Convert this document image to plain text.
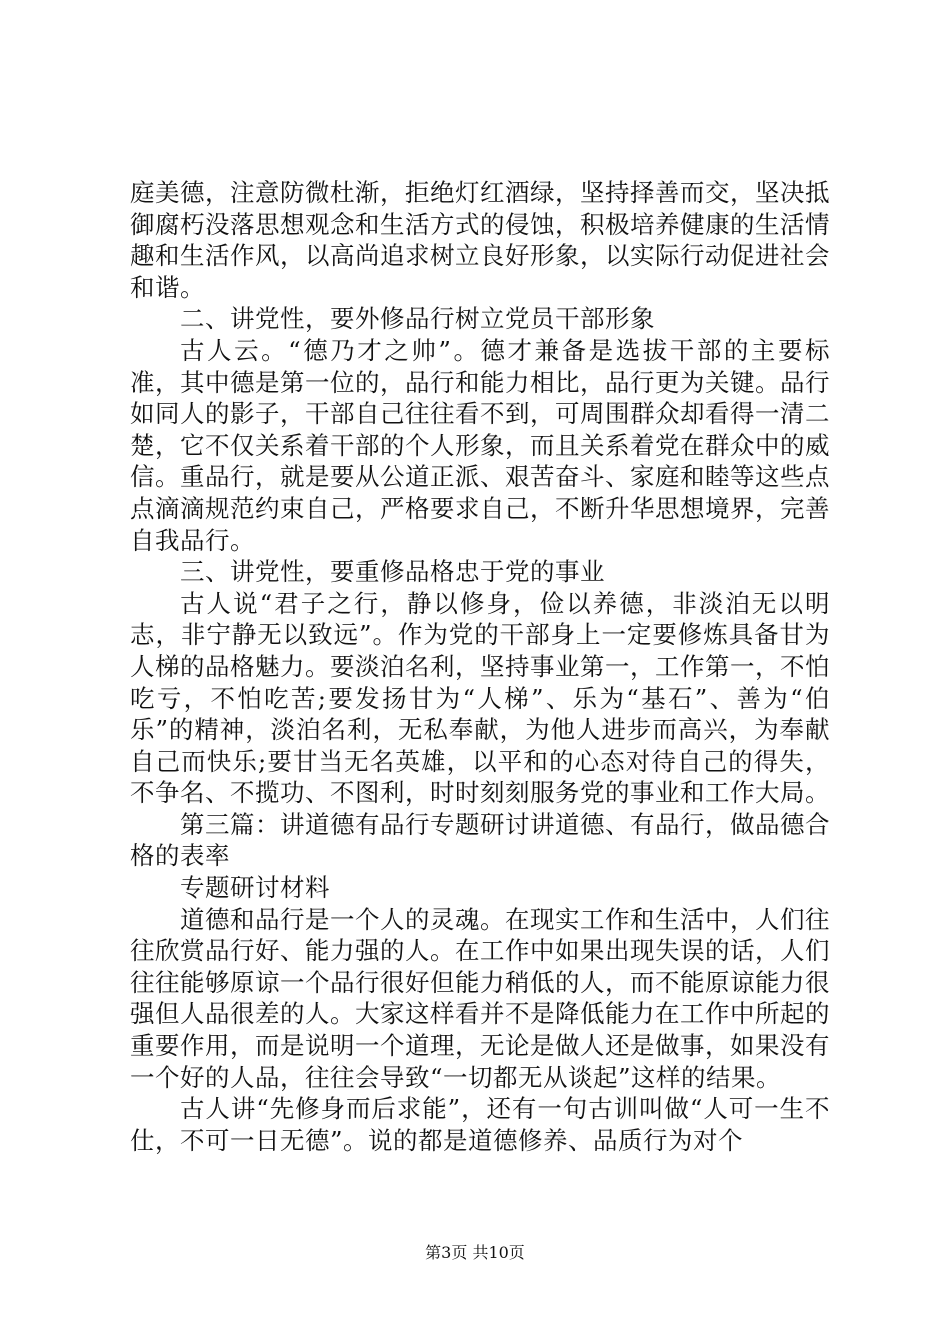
庭美德，注意防微杜渐，拒绝灯红酒绿，坚持择善而交，坚决抵御腐朽没落思想观念和生活方式的侵蚀，积极培养健康的生活情趣和生活作风，以高尚追求树立良好形象，以实际行动促进社会和谐。

二、讲党性，要外修品行树立党员干部形象

古人云。“德乃才之帅”。德才兼备是选拔干部的主要标准，其中德是第一位的，品行和能力相比，品行更为关键。品行如同人的影子，干部自己往往看不到，可周围群众却看得一清二楚，它不仅关系着干部的个人形象，而且关系着党在群众中的威信。重品行，就是要从公道正派、艰苦奋斗、家庭和睦等这些点点滴滴规范约束自己，严格要求自己，不断升华思想境界，完善自我品行。

三、讲党性，要重修品格忠于党的事业

古人说“君子之行，静以修身，俭以养德，非淡泊无以明志，非宁静无以致远”。作为党的干部身上一定要修炼具备甘为人梯的品格魅力。要淡泊名利，坚持事业第一，工作第一，不怕吃亏，不怕吃苦;要发扬甘为“人梯”、乐为“基石”、善为“伯乐”的精神，淡泊名利，无私奉献，为他人进步而高兴，为奉献自己而快乐;要甘当无名英雄，以平和的心态对待自己的得失，不争名、不揽功、不图利，时时刻刻服务党的事业和工作大局。

第三篇：讲道德有品行专题研讨讲道德、有品行，做品德合格的表率

专题研讨材料

道德和品行是一个人的灵魂。在现实工作和生活中，人们往往欣赏品行好、能力强的人。在工作中如果出现失误的话，人们往往能够原谅一个品行很好但能力稍低的人，而不能原谅能力很强但人品很差的人。大家这样看并不是降低能力在工作中所起的重要作用，而是说明一个道理，无论是做人还是做事，如果没有一个好的人品，往往会导致“一切都无从谈起”这样的结果。

古人讲“先修身而后求能”，还有一句古训叫做“人可一生不仕，不可一日无德”。说的都是道德修养、品质行为对个

第3页 共10页
